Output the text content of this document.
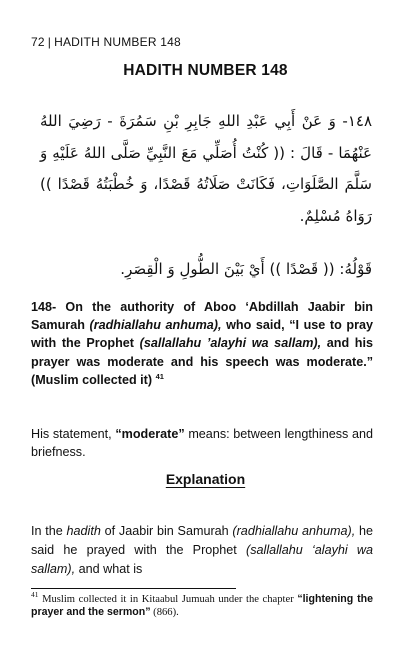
72 | HADITH NUMBER 148
HADITH NUMBER 148
١٤٨- وَ عَنْ أَبِي عَبْدِ اللهِ جَابِرِ بْنِ سَمُرَةَ - رَضِيَ اللهُ عَنْهُمَا - قَالَ : (( كُنْتُ أُصَلِّي مَعَ النَّبِيِّ صَلَّى اللهُ عَلَيْهِ وَ سَلَّمَ الصَّلَوَاتِ، فَكَانَتْ صَلَاتُهُ قَصْدًا، وَ خُطْبَتُهُ قَصْدًا )) رَوَاهُ مُسْلِمٌ.
قَوْلُهُ: (( قَصْدًا )) أَيْ بَيْنَ الطُّولِ وَ الْقِصَرِ.
148- On the authority of Aboo ‘Abdillah Jaabir bin Samurah (radhiallahu anhuma), who said, “I use to pray with the Prophet (sallallahu ’alayhi wa sallam), and his prayer was moderate and his speech was moderate.” (Muslim collected it) $^{41}$
His statement, “moderate” means: between lengthiness and briefness.
Explanation
In the hadith of Jaabir bin Samurah (radhiallahu anhuma), he said he prayed with the Prophet (sallallahu ‘alayhi wa sallam), and what is
$^{41}$ Muslim collected it in Kitaabul Jumuah under the chapter “lightening the prayer and the sermon” (866).
